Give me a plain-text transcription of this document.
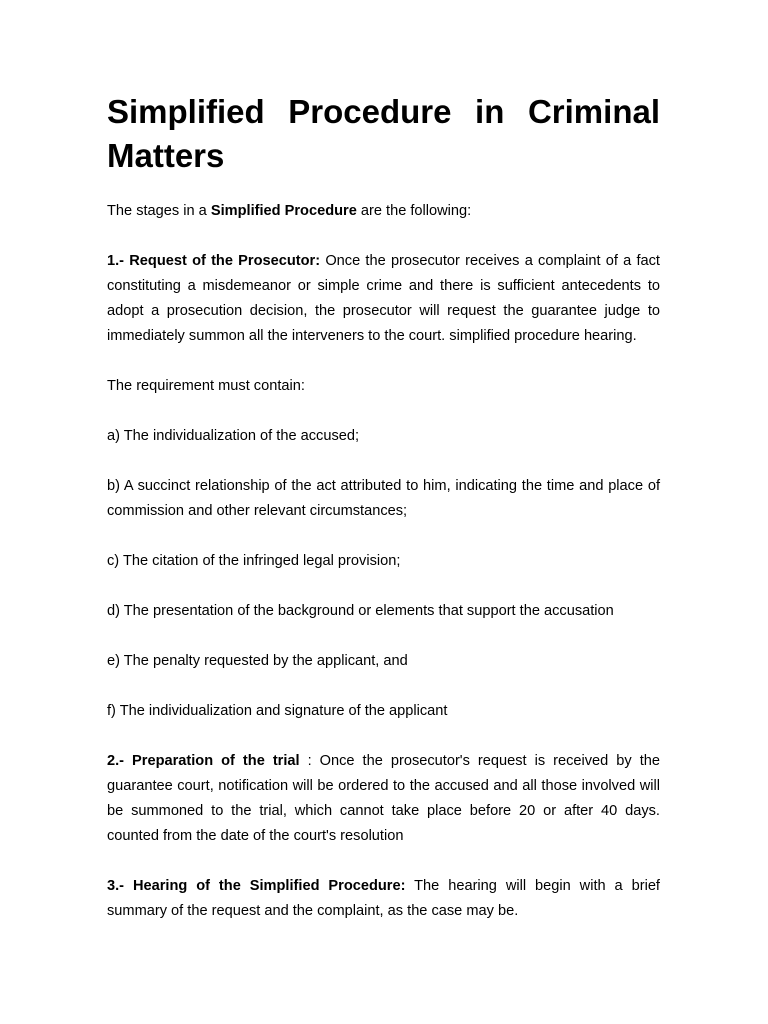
Simplified Procedure in Criminal Matters

The stages in a Simplified Procedure are the following:

1.- Request of the Prosecutor: Once the prosecutor receives a complaint of a fact constituting a misdemeanor or simple crime and there is sufficient antecedents to adopt a prosecution decision, the prosecutor will request the guarantee judge to immediately summon all the interveners to the court. simplified procedure hearing.

The requirement must contain:

a) The individualization of the accused;

b) A succinct relationship of the act attributed to him, indicating the time and place of commission and other relevant circumstances;

c) The citation of the infringed legal provision;

d) The presentation of the background or elements that support the accusation

e) The penalty requested by the applicant, and

f) The individualization and signature of the applicant

2.- Preparation of the trial : Once the prosecutor's request is received by the guarantee court, notification will be ordered to the accused and all those involved will be summoned to the trial, which cannot take place before 20 or after 40 days. counted from the date of the court's resolution

3.- Hearing of the Simplified Procedure: The hearing will begin with a brief summary of the request and the complaint, as the case may be.
